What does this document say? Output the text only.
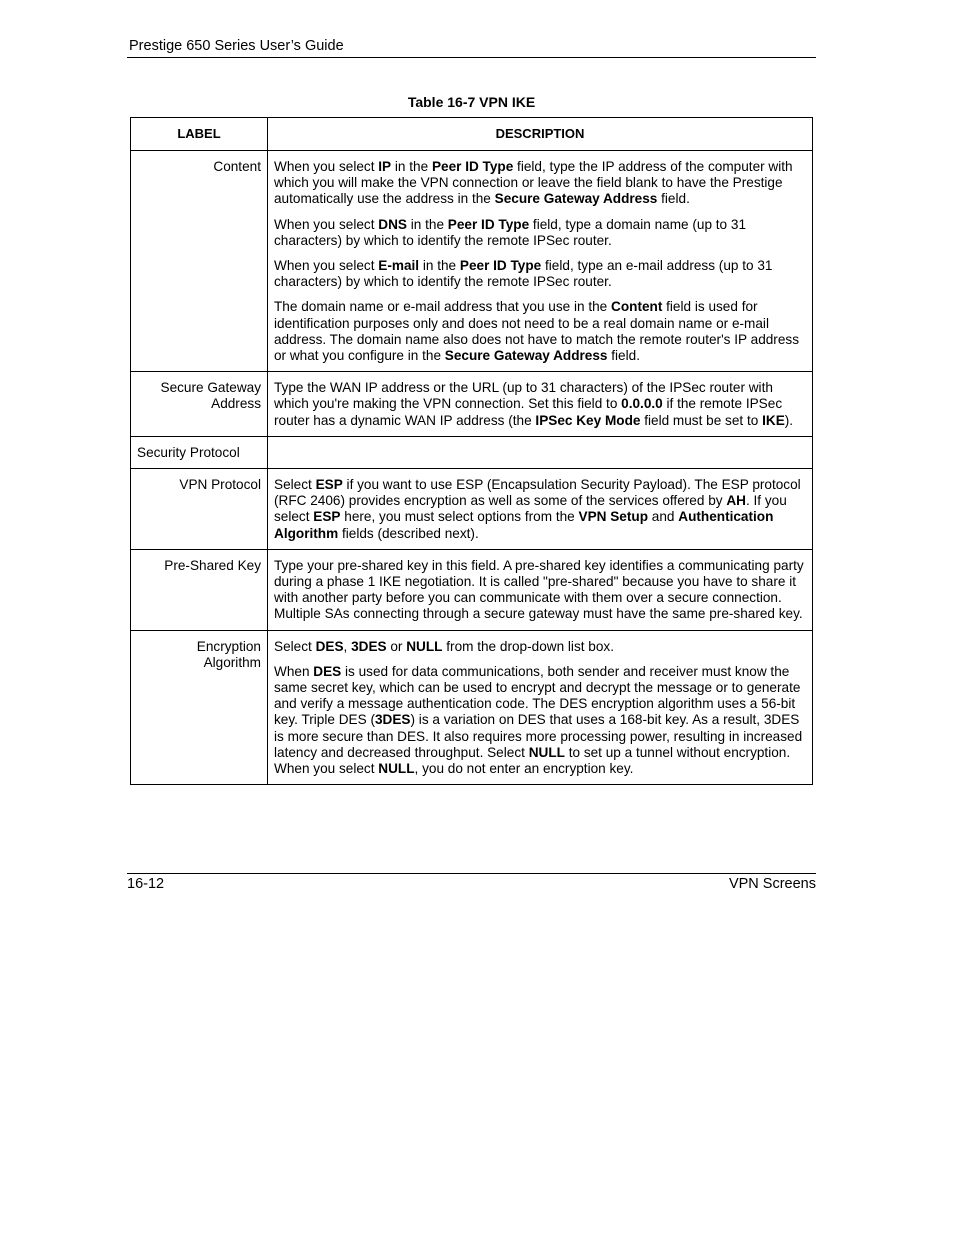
Prestige 650 Series User’s Guide
Table 16-7 VPN IKE
LABEL	DESCRIPTION
Content	When you select IP in the Peer ID Type field, type the IP address of the computer with which you will make the VPN connection or leave the field blank to have the Prestige automatically use the address in the Secure Gateway Address field.

When you select DNS in the Peer ID Type field, type a domain name (up to 31 characters) by which to identify the remote IPSec router.

When you select E-mail in the Peer ID Type field, type an e-mail address (up to 31 characters) by which to identify the remote IPSec router.

The domain name or e-mail address that you use in the Content field is used for identification purposes only and does not need to be a real domain name or e-mail address. The domain name also does not have to match the remote router's IP address or what you configure in the Secure Gateway Address field.

Secure Gateway Address	Type the WAN IP address or the URL (up to 31 characters) of the IPSec router with which you're making the VPN connection. Set this field to 0.0.0.0 if the remote IPSec router has a dynamic WAN IP address (the IPSec Key Mode field must be set to IKE).

Security Protocol	
VPN Protocol	Select ESP if you want to use ESP (Encapsulation Security Payload). The ESP protocol (RFC 2406) provides encryption as well as some of the services offered by AH. If you select ESP here, you must select options from the VPN Setup and Authentication Algorithm fields (described next).

Pre-Shared Key	Type your pre-shared key in this field. A pre-shared key identifies a communicating party during a phase 1 IKE negotiation. It is called "pre-shared" because you have to share it with another party before you can communicate with them over a secure connection. Multiple SAs connecting through a secure gateway must have the same pre-shared key.

Encryption Algorithm	Select DES, 3DES or NULL from the drop-down list box.

When DES is used for data communications, both sender and receiver must know the same secret key, which can be used to encrypt and decrypt the message or to generate and verify a message authentication code. The DES encryption algorithm uses a 56-bit key. Triple DES (3DES) is a variation on DES that uses a 168-bit key. As a result, 3DES is more secure than DES. It also requires more processing power, resulting in increased latency and decreased throughput. Select NULL to set up a tunnel without encryption. When you select NULL, you do not enter an encryption key.

16-12	VPN Screens
